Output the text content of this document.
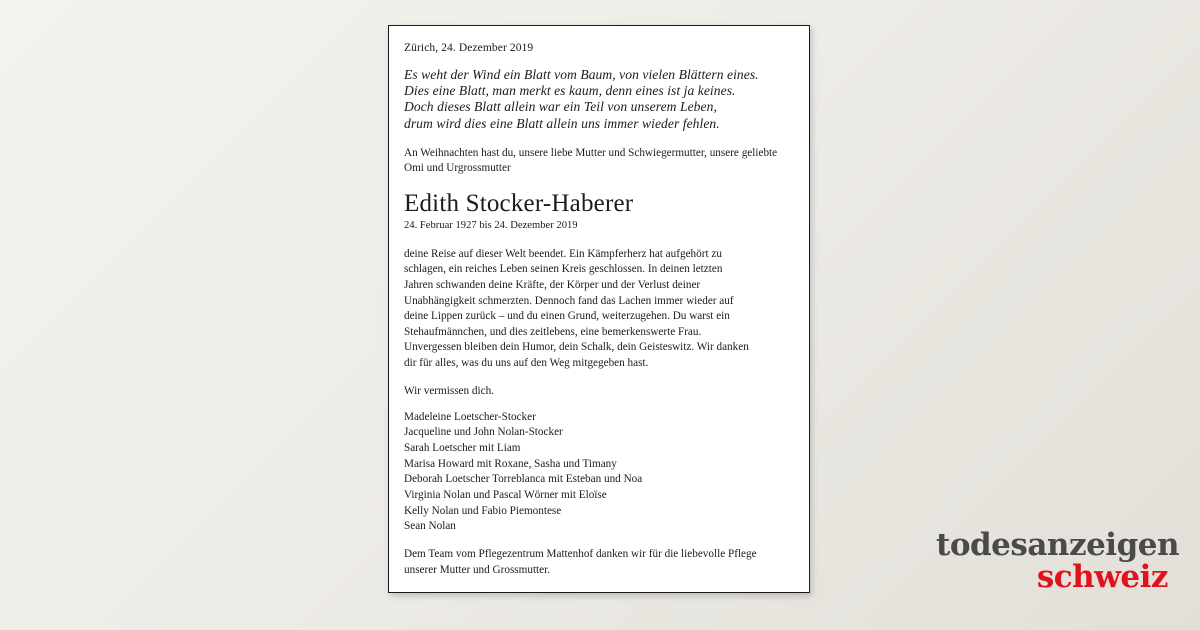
Zürich, 24. Dezember 2019
Es weht der Wind ein Blatt vom Baum, von vielen Blättern eines.
Dies eine Blatt, man merkt es kaum, denn eines ist ja keines.
Doch dieses Blatt allein war ein Teil von unserem Leben,
drum wird dies eine Blatt allein uns immer wieder fehlen.
An Weihnachten hast du, unsere liebe Mutter und Schwiegermutter, unsere geliebte Omi und Urgrossmutter
Edith Stocker-Haberer
24. Februar 1927 bis 24. Dezember 2019
deine Reise auf dieser Welt beendet. Ein Kämpferherz hat aufgehört zu
schlagen, ein reiches Leben seinen Kreis geschlossen. In deinen letzten
Jahren schwanden deine Kräfte, der Körper und der Verlust deiner
Unabhängigkeit schmerzten. Dennoch fand das Lachen immer wieder auf
deine Lippen zurück – und du einen Grund, weiterzugehen. Du warst ein
Stehaufmännchen, und dies zeitlebens, eine bemerkenswerte Frau.
Unvergessen bleiben dein Humor, dein Schalk, dein Geisteswitz. Wir danken
dir für alles, was du uns auf den Weg mitgegeben hast.
Wir vermissen dich.
Madeleine Loetscher-Stocker
Jacqueline und John Nolan-Stocker
Sarah Loetscher mit Liam
Marisa Howard mit Roxane, Sasha und Timany
Deborah Loetscher Torreblanca mit Esteban und Noa
Virginia Nolan und Pascal Wörner mit Eloïse
Kelly Nolan und Fabio Piemontese
Sean Nolan
Dem Team vom Pflegezentrum Mattenhof danken wir für die liebevolle Pflege
unserer Mutter und Grossmutter.
todesanzeigen
schweiz
